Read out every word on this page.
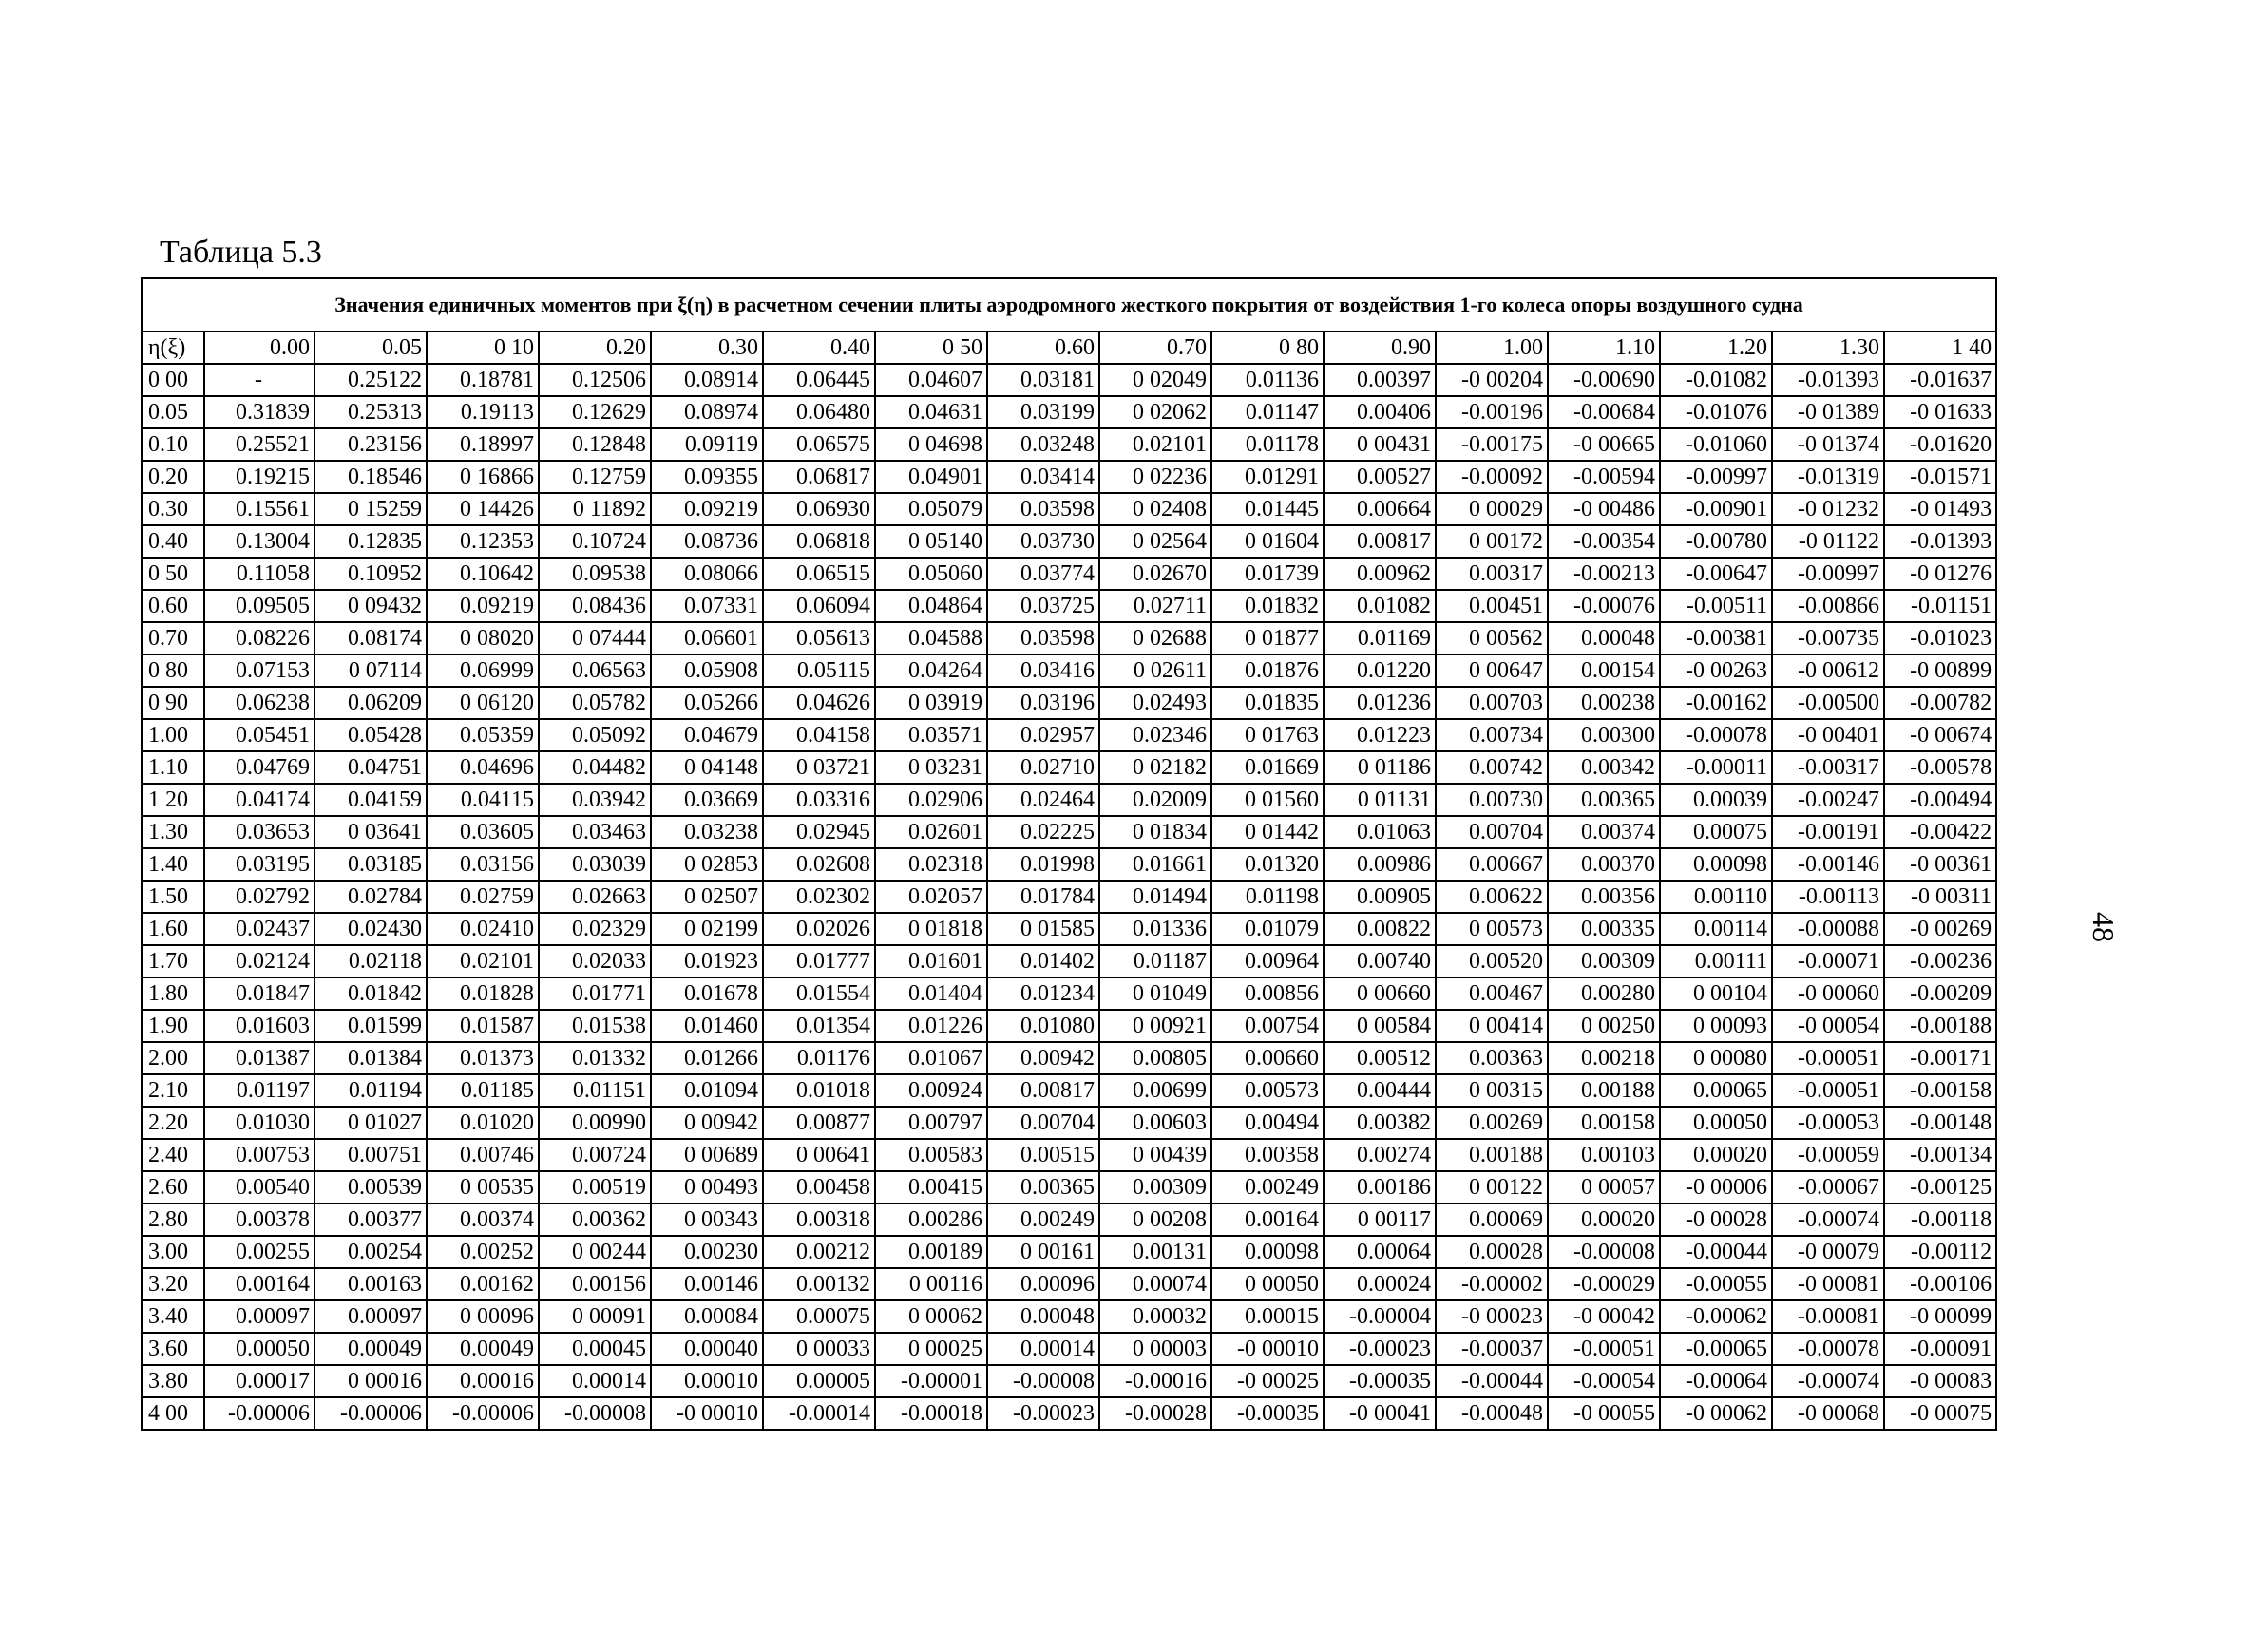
Таблица 5.3
Значения единичных моментов при ξ(η) в расчетном сечении плиты аэродромного жесткого покрытия от воздействия 1-го колеса опоры воздушного судна																
η(ξ)	0.00	0.05	0 10	0.20	0.30	0.40	0 50	0.60	0.70	0 80	0.90	1.00	1.10	1.20	1.30	1 40
0 00	-	0.25122	0.18781	0.12506	0.08914	0.06445	0.04607	0.03181	0 02049	0.01136	0.00397	-0 00204	-0.00690	-0.01082	-0.01393	-0.01637
0.05	0.31839	0.25313	0.19113	0.12629	0.08974	0.06480	0.04631	0.03199	0 02062	0.01147	0.00406	-0.00196	-0.00684	-0.01076	-0 01389	-0 01633
0.10	0.25521	0.23156	0.18997	0.12848	0.09119	0.06575	0 04698	0.03248	0.02101	0.01178	0 00431	-0.00175	-0 00665	-0.01060	-0 01374	-0.01620
0.20	0.19215	0.18546	0 16866	0.12759	0.09355	0.06817	0.04901	0.03414	0 02236	0.01291	0.00527	-0.00092	-0.00594	-0.00997	-0.01319	-0.01571
0.30	0.15561	0 15259	0 14426	0 11892	0.09219	0.06930	0.05079	0.03598	0 02408	0.01445	0.00664	0 00029	-0 00486	-0.00901	-0 01232	-0 01493
0.40	0.13004	0.12835	0.12353	0.10724	0.08736	0.06818	0 05140	0.03730	0 02564	0 01604	0.00817	0 00172	-0.00354	-0.00780	-0 01122	-0.01393
0 50	0.11058	0.10952	0.10642	0.09538	0.08066	0.06515	0.05060	0.03774	0.02670	0.01739	0.00962	0.00317	-0.00213	-0.00647	-0.00997	-0 01276
0.60	0.09505	0 09432	0.09219	0.08436	0.07331	0.06094	0.04864	0.03725	0.02711	0.01832	0.01082	0.00451	-0.00076	-0.00511	-0.00866	-0.01151
0.70	0.08226	0.08174	0 08020	0 07444	0.06601	0.05613	0.04588	0.03598	0 02688	0 01877	0.01169	0 00562	0.00048	-0.00381	-0.00735	-0.01023
0 80	0.07153	0 07114	0.06999	0.06563	0.05908	0.05115	0.04264	0.03416	0 02611	0.01876	0.01220	0 00647	0.00154	-0 00263	-0 00612	-0 00899
0 90	0.06238	0.06209	0 06120	0.05782	0.05266	0.04626	0 03919	0.03196	0.02493	0.01835	0.01236	0.00703	0.00238	-0.00162	-0.00500	-0.00782
1.00	0.05451	0.05428	0.05359	0.05092	0.04679	0.04158	0.03571	0.02957	0.02346	0 01763	0.01223	0.00734	0.00300	-0.00078	-0 00401	-0 00674
1.10	0.04769	0.04751	0.04696	0.04482	0 04148	0 03721	0 03231	0.02710	0 02182	0.01669	0 01186	0.00742	0.00342	-0.00011	-0.00317	-0.00578
1 20	0.04174	0.04159	0.04115	0.03942	0.03669	0.03316	0.02906	0.02464	0.02009	0 01560	0 01131	0.00730	0.00365	0.00039	-0.00247	-0.00494
1.30	0.03653	0 03641	0.03605	0.03463	0.03238	0.02945	0.02601	0.02225	0 01834	0 01442	0.01063	0.00704	0.00374	0.00075	-0.00191	-0.00422
1.40	0.03195	0.03185	0.03156	0.03039	0 02853	0.02608	0.02318	0.01998	0.01661	0.01320	0.00986	0.00667	0.00370	0.00098	-0.00146	-0 00361
1.50	0.02792	0.02784	0.02759	0.02663	0 02507	0.02302	0.02057	0.01784	0.01494	0.01198	0.00905	0.00622	0.00356	0.00110	-0.00113	-0 00311
1.60	0.02437	0.02430	0.02410	0.02329	0 02199	0.02026	0 01818	0 01585	0.01336	0.01079	0.00822	0 00573	0.00335	0.00114	-0.00088	-0 00269
1.70	0.02124	0.02118	0.02101	0.02033	0.01923	0.01777	0.01601	0.01402	0.01187	0.00964	0.00740	0.00520	0.00309	0.00111	-0.00071	-0.00236
1.80	0.01847	0.01842	0.01828	0.01771	0.01678	0.01554	0.01404	0.01234	0 01049	0.00856	0 00660	0.00467	0.00280	0 00104	-0 00060	-0.00209
1.90	0.01603	0.01599	0.01587	0.01538	0.01460	0.01354	0.01226	0.01080	0 00921	0.00754	0 00584	0 00414	0 00250	0 00093	-0 00054	-0.00188
2.00	0.01387	0.01384	0.01373	0.01332	0.01266	0.01176	0.01067	0.00942	0.00805	0.00660	0.00512	0.00363	0.00218	0 00080	-0.00051	-0.00171
2.10	0.01197	0.01194	0.01185	0.01151	0.01094	0.01018	0.00924	0.00817	0.00699	0.00573	0.00444	0 00315	0.00188	0.00065	-0.00051	-0.00158
2.20	0.01030	0 01027	0.01020	0.00990	0 00942	0.00877	0.00797	0.00704	0.00603	0.00494	0.00382	0.00269	0.00158	0.00050	-0.00053	-0.00148
2.40	0.00753	0.00751	0.00746	0.00724	0 00689	0 00641	0.00583	0.00515	0 00439	0.00358	0.00274	0.00188	0.00103	0.00020	-0.00059	-0.00134
2.60	0.00540	0.00539	0 00535	0.00519	0 00493	0.00458	0.00415	0.00365	0.00309	0.00249	0.00186	0 00122	0 00057	-0 00006	-0.00067	-0.00125
2.80	0.00378	0.00377	0.00374	0.00362	0 00343	0.00318	0.00286	0.00249	0 00208	0.00164	0 00117	0.00069	0.00020	-0 00028	-0.00074	-0.00118
3.00	0.00255	0.00254	0.00252	0 00244	0.00230	0.00212	0.00189	0 00161	0.00131	0.00098	0.00064	0.00028	-0.00008	-0.00044	-0 00079	-0.00112
3.20	0.00164	0.00163	0.00162	0.00156	0.00146	0.00132	0 00116	0.00096	0.00074	0 00050	0.00024	-0.00002	-0.00029	-0.00055	-0 00081	-0.00106
3.40	0.00097	0.00097	0 00096	0 00091	0.00084	0.00075	0 00062	0.00048	0.00032	0.00015	-0.00004	-0 00023	-0 00042	-0.00062	-0.00081	-0 00099
3.60	0.00050	0.00049	0.00049	0.00045	0.00040	0 00033	0 00025	0.00014	0 00003	-0 00010	-0.00023	-0.00037	-0.00051	-0.00065	-0.00078	-0.00091
3.80	0.00017	0 00016	0.00016	0.00014	0.00010	0.00005	-0.00001	-0.00008	-0.00016	-0 00025	-0.00035	-0.00044	-0.00054	-0.00064	-0.00074	-0 00083
4 00	-0.00006	-0.00006	-0.00006	-0.00008	-0 00010	-0.00014	-0.00018	-0.00023	-0.00028	-0.00035	-0 00041	-0.00048	-0 00055	-0 00062	-0 00068	-0 00075
48
